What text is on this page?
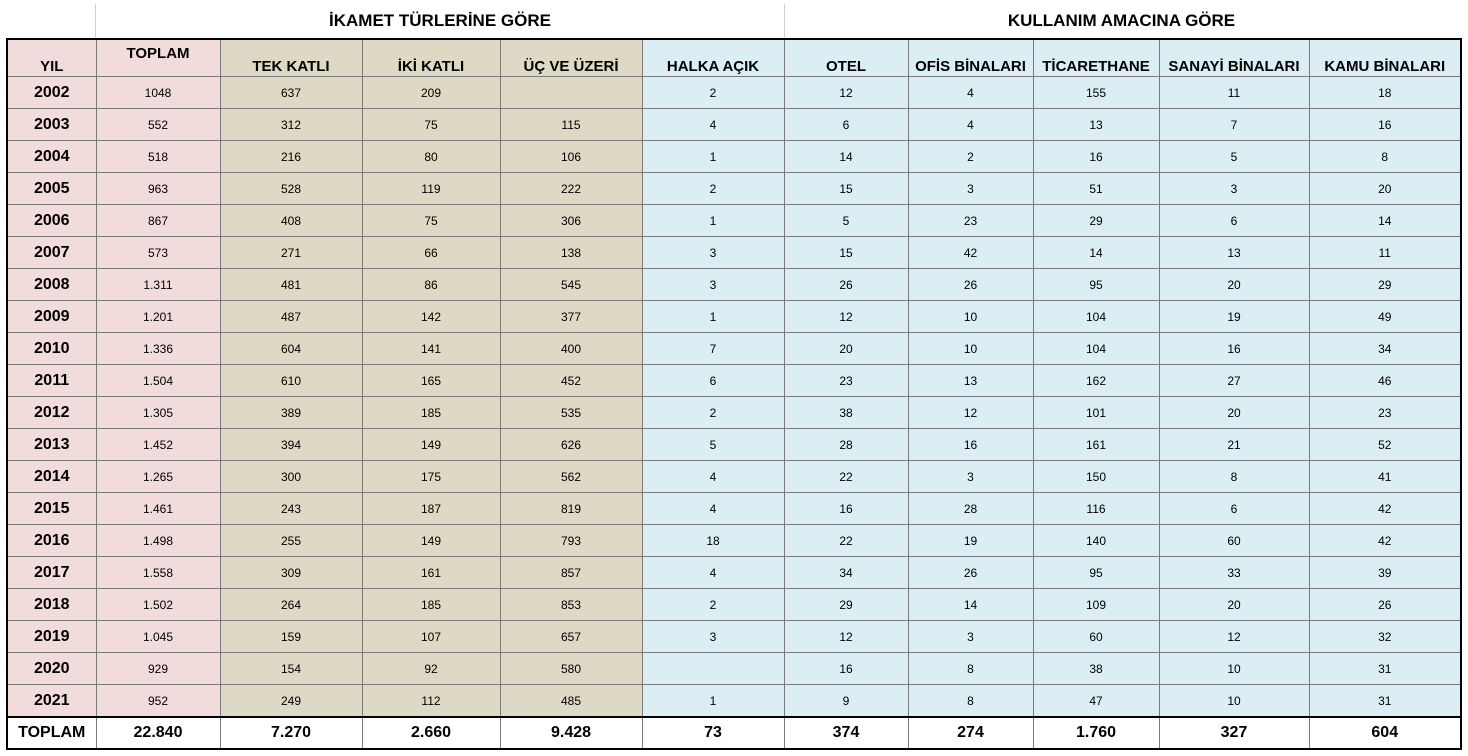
İKAMET TÜRLERİNE GÖRE	KULLANIM AMACINA GÖRE
YIL	TOPLAM	TEK KATLI	İKİ KATLI	ÜÇ VE ÜZERİ	HALKA AÇIK	OTEL	OFİS BİNALARI	TİCARETHANE	SANAYİ BİNALARI	KAMU BİNALARI
2002	1048	637	209		2	12	4	155	11	18
2003	552	312	75	115	4	6	4	13	7	16
2004	518	216	80	106	1	14	2	16	5	8
2005	963	528	119	222	2	15	3	51	3	20
2006	867	408	75	306	1	5	23	29	6	14
2007	573	271	66	138	3	15	42	14	13	11
2008	1.311	481	86	545	3	26	26	95	20	29
2009	1.201	487	142	377	1	12	10	104	19	49
2010	1.336	604	141	400	7	20	10	104	16	34
2011	1.504	610	165	452	6	23	13	162	27	46
2012	1.305	389	185	535	2	38	12	101	20	23
2013	1.452	394	149	626	5	28	16	161	21	52
2014	1.265	300	175	562	4	22	3	150	8	41
2015	1.461	243	187	819	4	16	28	116	6	42
2016	1.498	255	149	793	18	22	19	140	60	42
2017	1.558	309	161	857	4	34	26	95	33	39
2018	1.502	264	185	853	2	29	14	109	20	26
2019	1.045	159	107	657	3	12	3	60	12	32
2020	929	154	92	580		16	8	38	10	31
2021	952	249	112	485	1	9	8	47	10	31
TOPLAM	22.840	7.270	2.660	9.428	73	374	274	1.760	327	604
